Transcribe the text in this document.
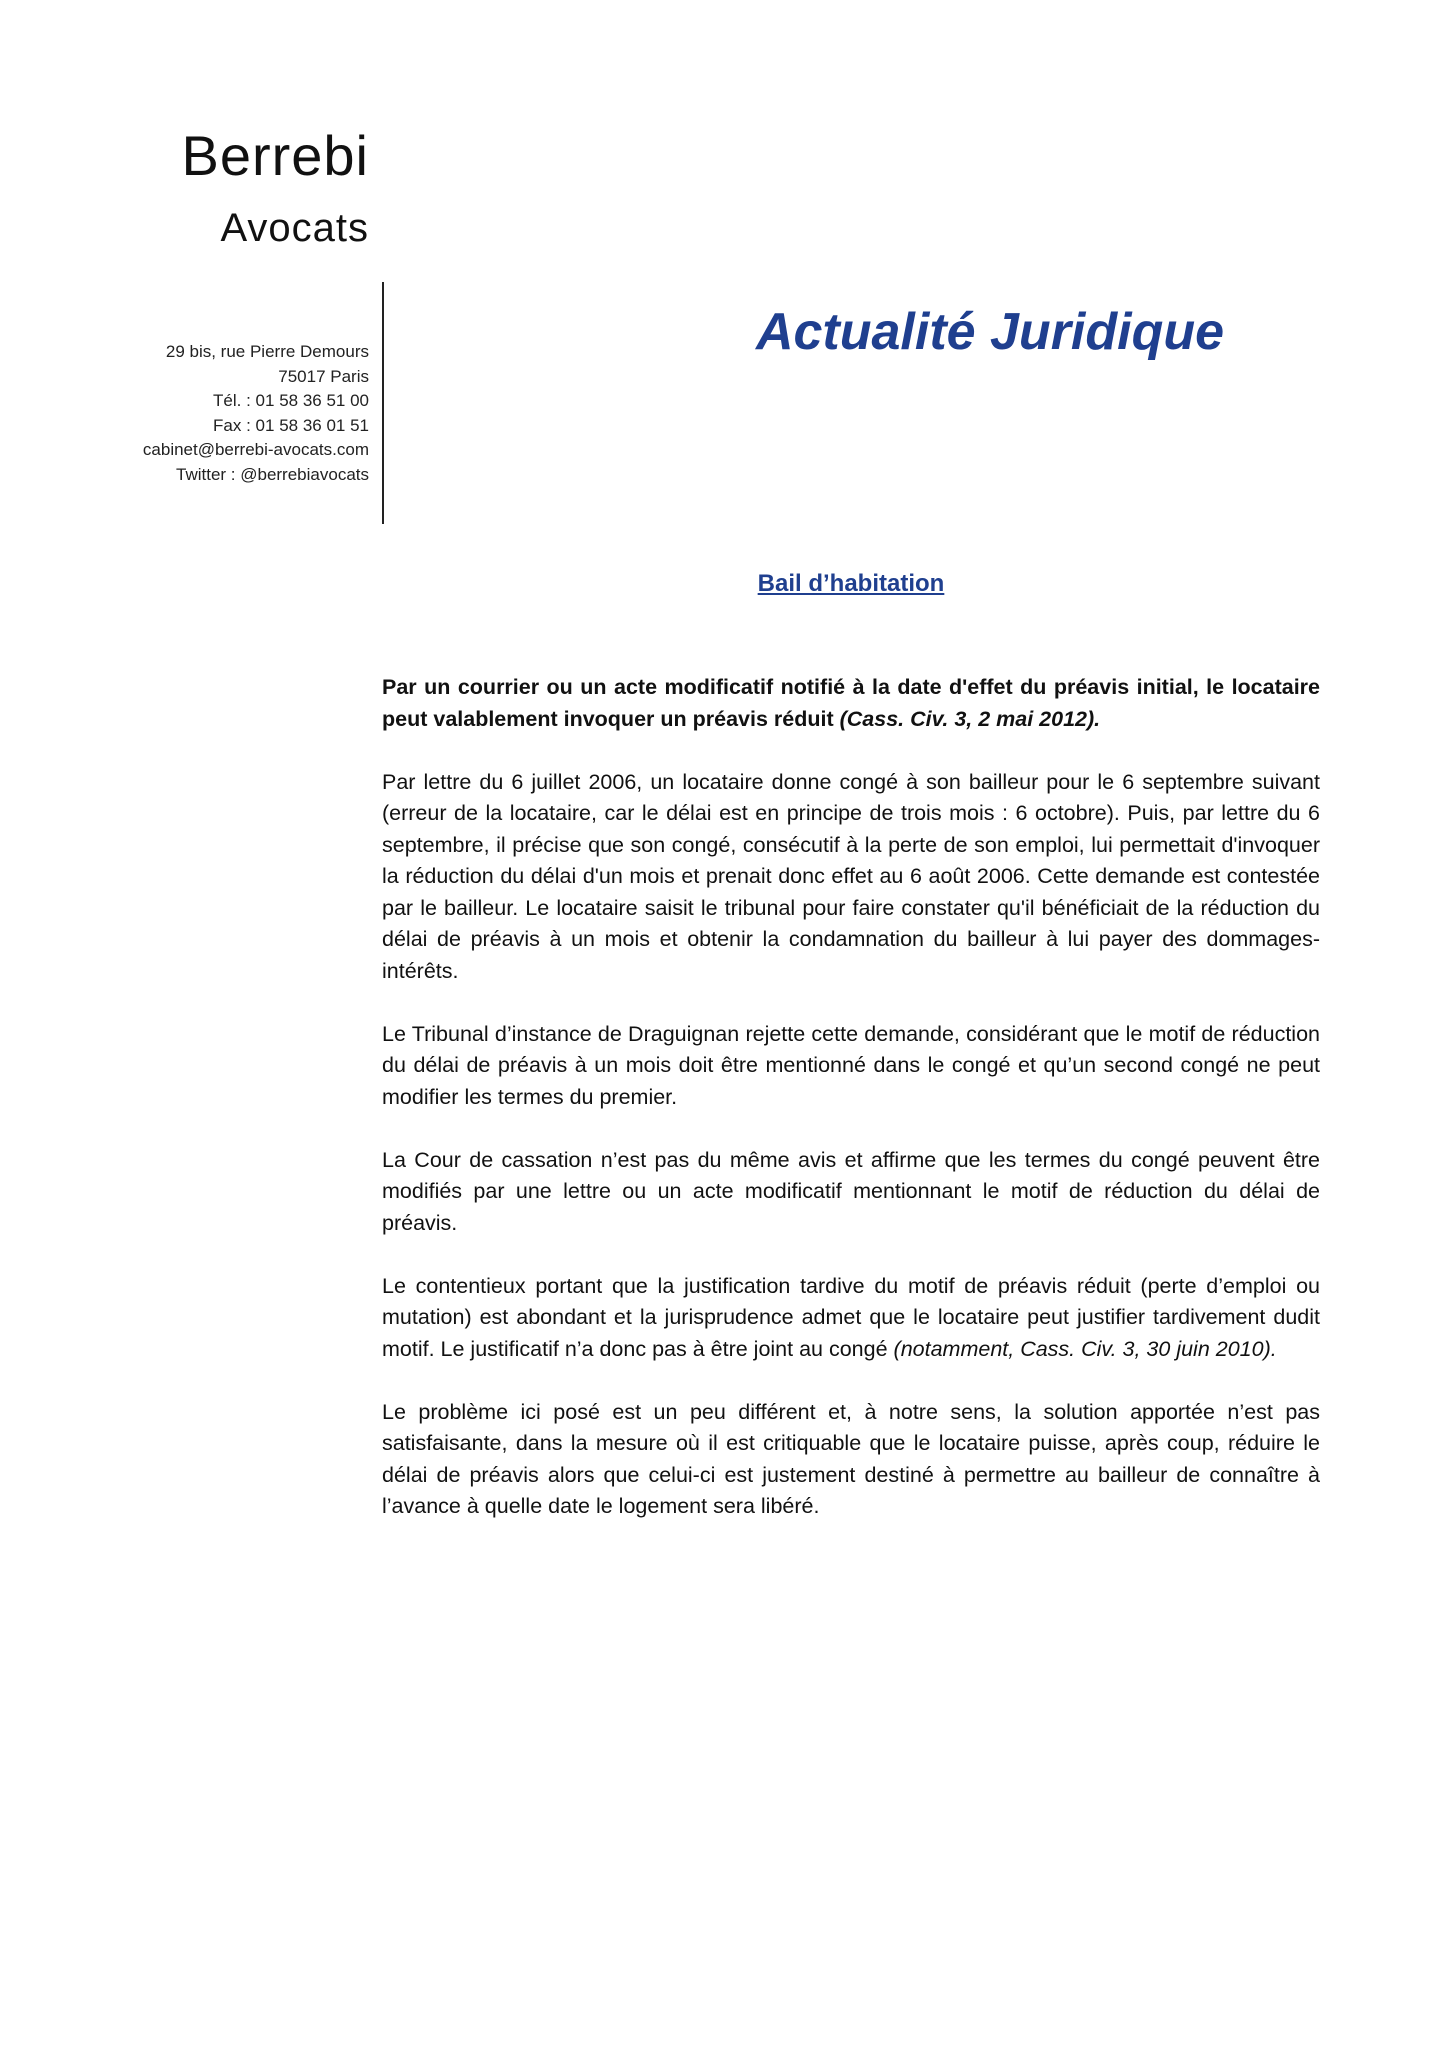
Berrebi
Avocats
29 bis, rue Pierre Demours
75017 Paris
Tél. : 01 58 36 51 00
Fax : 01 58 36 01 51
cabinet@berrebi-avocats.com
Twitter : @berrebiavocats
Actualité Juridique
Bail d’habitation

Par un courrier ou un acte modificatif notifié à la date d'effet du préavis initial, le locataire peut valablement invoquer un préavis réduit (Cass. Civ. 3, 2 mai 2012).

Par lettre du 6 juillet 2006, un locataire donne congé à son bailleur pour le 6 septembre suivant (erreur de la locataire, car le délai est en principe de trois mois : 6 octobre). Puis, par lettre du 6 septembre, il précise que son congé, consécutif à la perte de son emploi, lui permettait d'invoquer la réduction du délai d'un mois et prenait donc effet au 6 août 2006. Cette demande est contestée par le bailleur. Le locataire saisit le tribunal pour faire constater qu'il bénéficiait de la réduction du délai de préavis à un mois et obtenir la condamnation du bailleur à lui payer des dommages-intérêts.

Le Tribunal d’instance de Draguignan rejette cette demande, considérant que le motif de réduction du délai de préavis à un mois doit être mentionné dans le congé et qu’un second congé ne peut modifier les termes du premier.

La Cour de cassation n’est pas du même avis et affirme que les termes du congé peuvent être modifiés par une lettre ou un acte modificatif mentionnant le motif de réduction du délai de préavis.

Le contentieux portant que la justification tardive du motif de préavis réduit (perte d’emploi ou mutation) est abondant et la jurisprudence admet que le locataire peut justifier tardivement dudit motif. Le justificatif n’a donc pas à être joint au congé (notamment, Cass. Civ. 3, 30 juin 2010).

Le problème ici posé est un peu différent et, à notre sens, la solution apportée n’est pas satisfaisante, dans la mesure où il est critiquable que le locataire puisse, après coup, réduire le délai de préavis alors que celui-ci est justement destiné à permettre au bailleur de connaître à l’avance à quelle date le logement sera libéré.
